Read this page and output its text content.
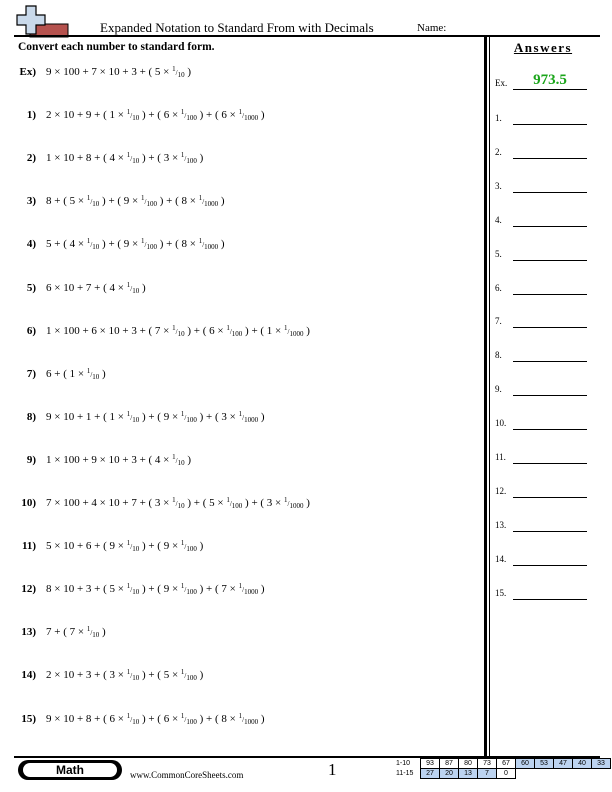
Expanded Notation to Standard From with Decimals	Name:
Convert each number to standard form.	Answers
Ex) 9 × 100 + 7 × 10 + 3 + ( 5 × 1/10 )
1) 2 × 10 + 9 + ( 1 × 1/10 ) + ( 6 × 1/100 ) + ( 6 × 1/1000 )
2) 1 × 10 + 8 + ( 4 × 1/10 ) + ( 3 × 1/100 )
3) 8 + ( 5 × 1/10 ) + ( 9 × 1/100 ) + ( 8 × 1/1000 )
4) 5 + ( 4 × 1/10 ) + ( 9 × 1/100 ) + ( 8 × 1/1000 )
5) 6 × 10 + 7 + ( 4 × 1/10 )
6) 1 × 100 + 6 × 10 + 3 + ( 7 × 1/10 ) + ( 6 × 1/100 ) + ( 1 × 1/1000 )
7) 6 + ( 1 × 1/10 )
8) 9 × 10 + 1 + ( 1 × 1/10 ) + ( 9 × 1/100 ) + ( 3 × 1/1000 )
9) 1 × 100 + 9 × 10 + 3 + ( 4 × 1/10 )
10) 7 × 100 + 4 × 10 + 7 + ( 3 × 1/10 ) + ( 5 × 1/100 ) + ( 3 × 1/1000 )
11) 5 × 10 + 6 + ( 9 × 1/10 ) + ( 9 × 1/100 )
12) 8 × 10 + 3 + ( 5 × 1/10 ) + ( 9 × 1/100 ) + ( 7 × 1/1000 )
13) 7 + ( 7 × 1/10 )
14) 2 × 10 + 3 + ( 3 × 1/10 ) + ( 5 × 1/100 )
15) 9 × 10 + 8 + ( 6 × 1/10 ) + ( 6 × 1/100 ) + ( 8 × 1/1000 )
Ex.	973.5
1.
2.
3.
4.
5.
6.
7.
8.
9.
10.
11.
12.
13.
14.
15.
Math	www.CommonCoreSheets.com	1	1-10	93	87	80	73	67	60	53	47	40	33
11-15	27	20	13	7	0					
